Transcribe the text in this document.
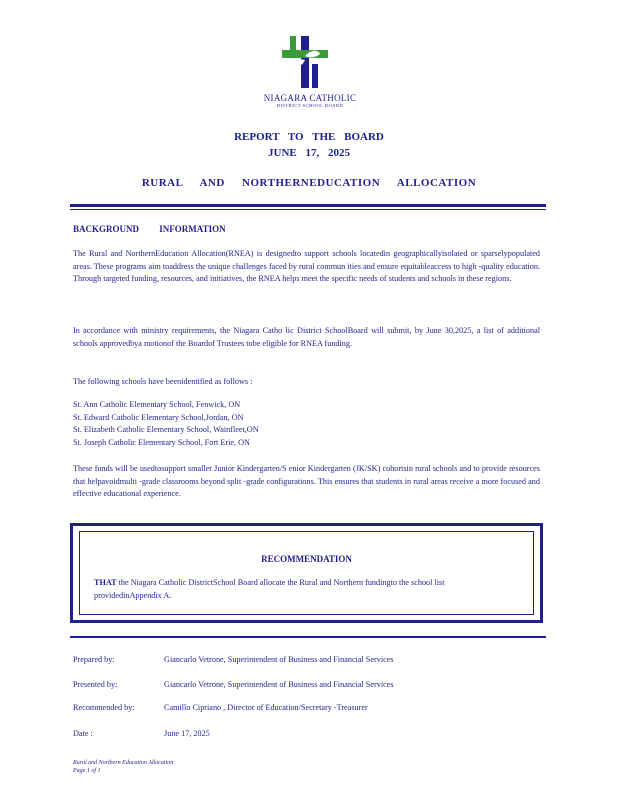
NIAGARA CATHOLIC
DISTRICT SCHOOL BOARD
REPORT TO THE BOARD
JUNE 17, 2025
RURAL AND NORTHERNEDUCATION ALLOCATION
BACKGROUND INFORMATION

The Rural and NorthernEducation Allocation(RNEA) is designedto support schools locatedin geographicallyisolated or sparselypopulated areas. These programs aim toaddress the unique challenges faced by rural commun ities and ensure equitableaccess to high -quality education. Through targeted funding, resources, and initiatives, the RNEA helps meet the specific needs of students and schools in these regions.

In accordance with ministry requirements, the Niagara Catho lic District SchoolBoard will submit, by June 30,2025, a list of additional schools approvedbya motionof the Boardof Trustees tobe eligible for RNEA funding.

The following schools have beenidentified as follows :

St. Ann Catholic Elementary School, Fenwick, ON
St. Edward Catholic Elementary School,Jordan, ON
St. Elizabeth Catholic Elementary School, Wainfleet,ON
St. Joseph Catholic Elementary School, Fort Erie, ON

These funds will be usedtosupport smaller Junior Kindergarten/S enior Kindergarten (JK/SK) cohortsin rural schools and to provide resources that helpavoidmulti -grade classrooms beyond split -grade configurations. This ensures that students in rural areas receive a more focused and effective educational experience.

RECOMMENDATION
THAT the Niagara Catholic DistrictSchool Board allocate the Rural and Northern fundingto the school list providedinAppendix A.
Prepared by:	Giancarlo Vetrone, Superintendent of Business and Financial Services
Presented by:	Giancarlo Vetrone, Superintendent of Business and Financial Services
Recommended by:	Camillo Cipriano , Director of Education/Secretary -Treasurer
Date :	June 17, 2025
Rural and Northern Education Allocation
Page 1 of 1
